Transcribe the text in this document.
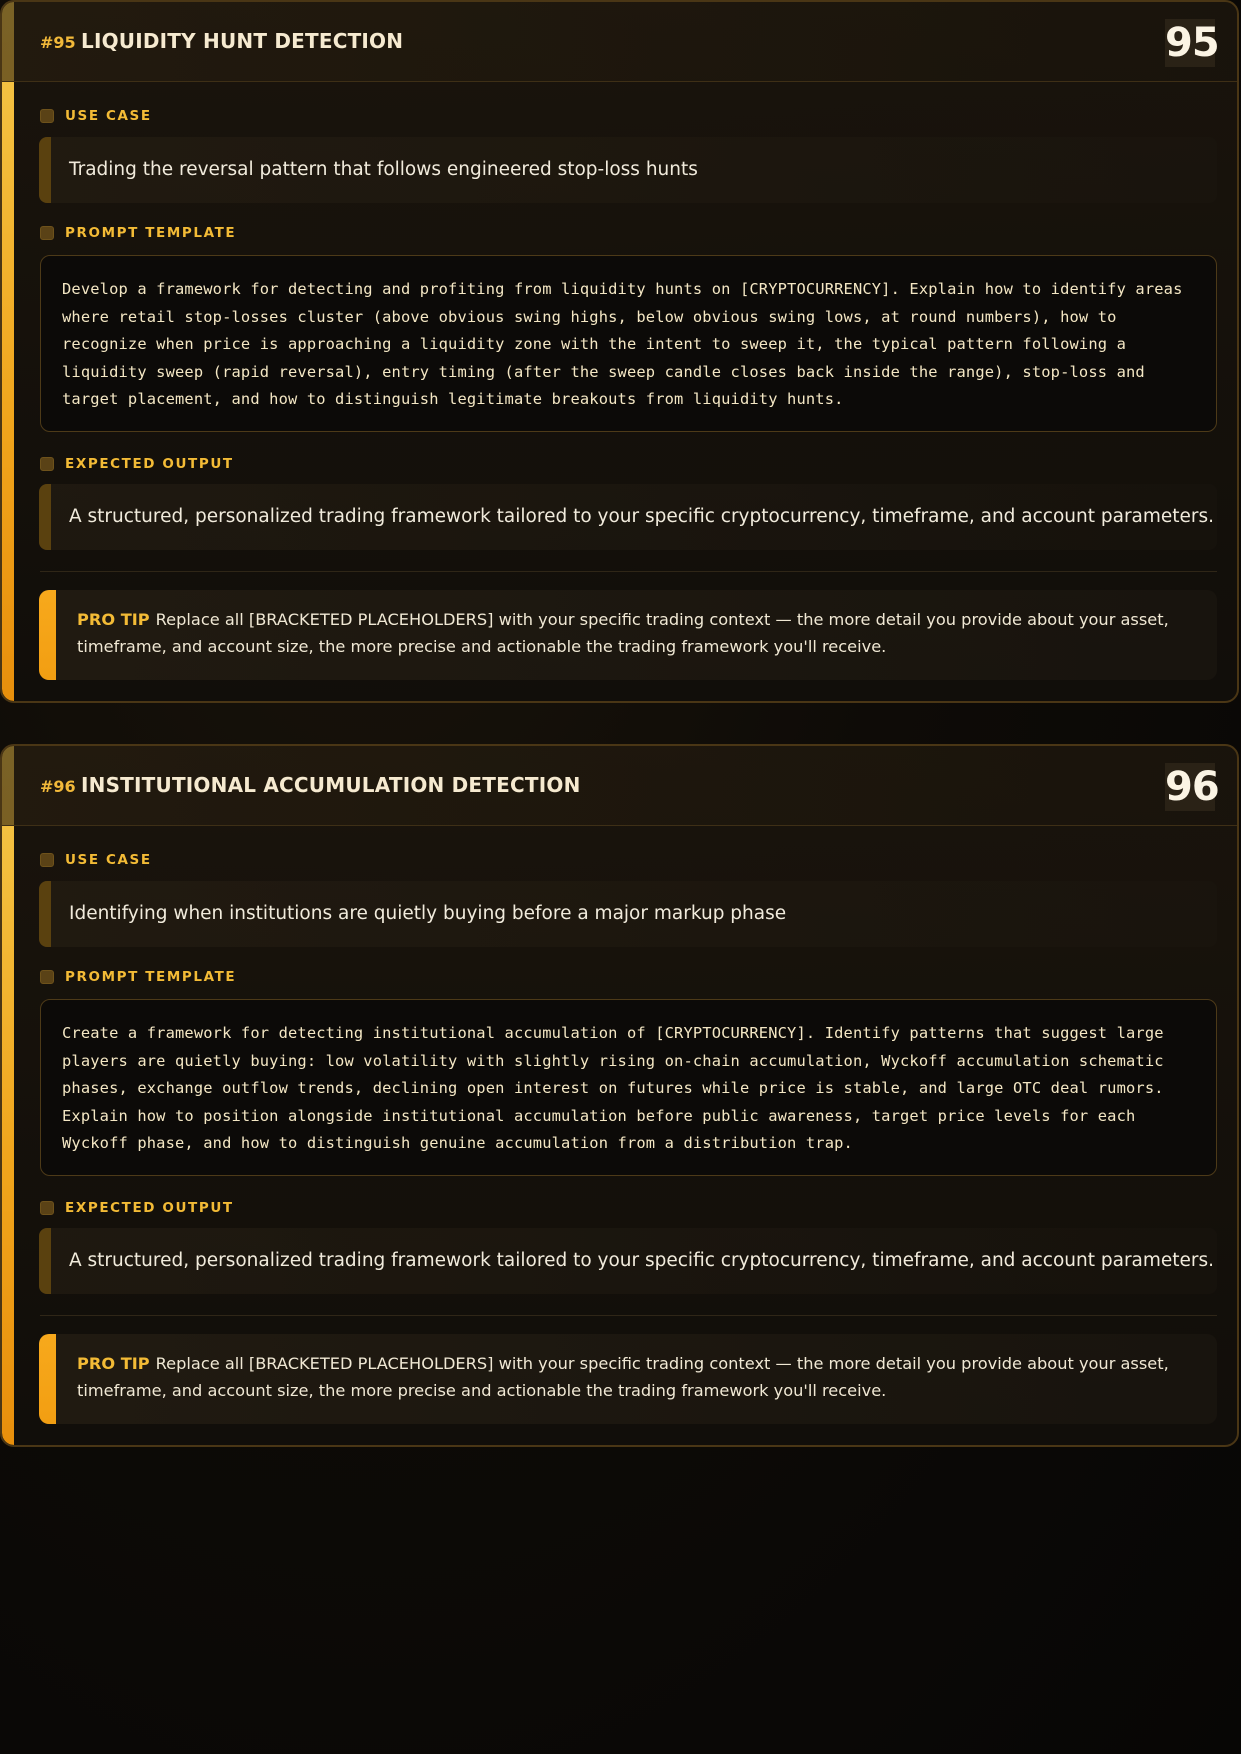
#95 LIQUIDITY HUNT DETECTION	95
USE CASE
Trading the reversal pattern that follows engineered stop-loss hunts
PROMPT TEMPLATE
Develop a framework for detecting and profiting from liquidity hunts on [CRYPTOCURRENCY]. Explain how to identify areas where retail stop-losses cluster (above obvious swing highs, below obvious swing lows, at round numbers), how to recognize when price is approaching a liquidity zone with the intent to sweep it, the typical pattern following a liquidity sweep (rapid reversal), entry timing (after the sweep candle closes back inside the range), stop-loss and target placement, and how to distinguish legitimate breakouts from liquidity hunts.
EXPECTED OUTPUT
A structured, personalized trading framework tailored to your specific cryptocurrency, timeframe, and account parameters.
PRO TIP Replace all [BRACKETED PLACEHOLDERS] with your specific trading context — the more detail you provide about your asset, timeframe, and account size, the more precise and actionable the trading framework you'll receive.
#96 INSTITUTIONAL ACCUMULATION DETECTION	96
USE CASE
Identifying when institutions are quietly buying before a major markup phase
PROMPT TEMPLATE
Create a framework for detecting institutional accumulation of [CRYPTOCURRENCY]. Identify patterns that suggest large players are quietly buying: low volatility with slightly rising on-chain accumulation, Wyckoff accumulation schematic phases, exchange outflow trends, declining open interest on futures while price is stable, and large OTC deal rumors. Explain how to position alongside institutional accumulation before public awareness, target price levels for each Wyckoff phase, and how to distinguish genuine accumulation from a distribution trap.
EXPECTED OUTPUT
A structured, personalized trading framework tailored to your specific cryptocurrency, timeframe, and account parameters.
PRO TIP Replace all [BRACKETED PLACEHOLDERS] with your specific trading context — the more detail you provide about your asset, timeframe, and account size, the more precise and actionable the trading framework you'll receive.
